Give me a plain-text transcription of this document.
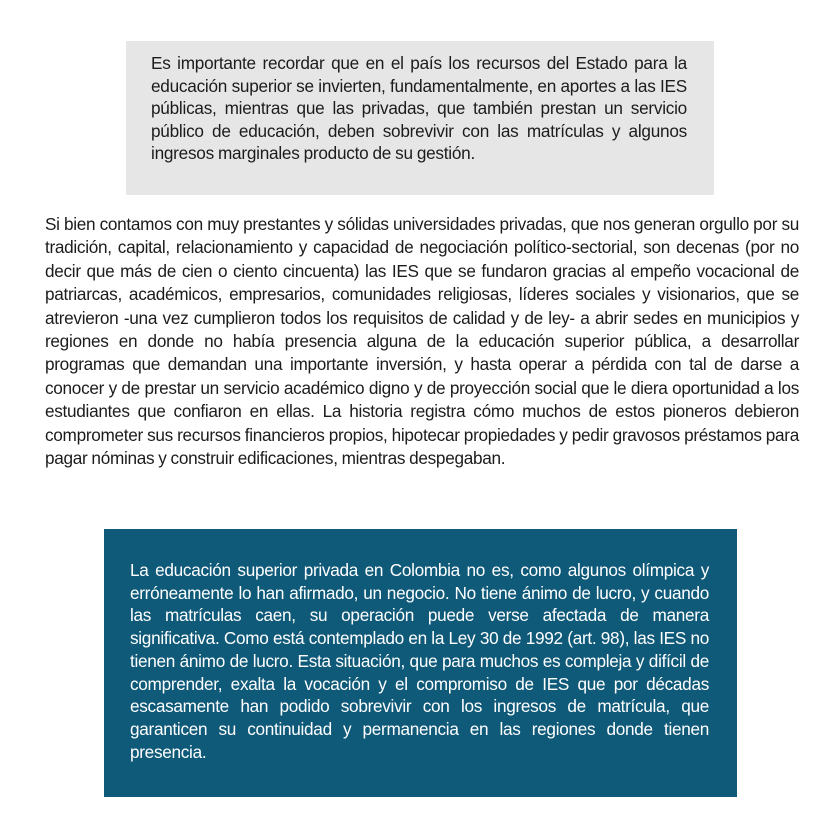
Es importante recordar que en el país los recursos del Estado para la educación superior se invierten, fundamentalmente, en aportes a las IES públicas, mientras que las privadas, que también prestan un servicio público de educación, deben sobrevivir con las matrículas y algunos ingresos marginales producto de su gestión.

Si bien contamos con muy prestantes y sólidas universidades privadas, que nos generan orgullo por su tradición, capital, relacionamiento y capacidad de negociación político-sectorial, son decenas (por no decir que más de cien o ciento cincuenta) las IES que se fundaron gracias al empeño vocacional de patriarcas, académicos, empresarios, comunidades religiosas, líderes sociales y visionarios, que se atrevieron -una vez cumplieron todos los requisitos de calidad y de ley- a abrir sedes en municipios y regiones en donde no había presencia alguna de la educación superior pública, a desarrollar programas que demandan una importante inversión, y hasta operar a pérdida con tal de darse a conocer y de prestar un servicio académico digno y de proyección social que le diera oportunidad a los estudiantes que confiaron en ellas. La historia registra cómo muchos de estos pioneros debieron comprometer sus recursos financieros propios, hipotecar propiedades y pedir gravosos préstamos para pagar nóminas y construir edificaciones, mientras despegaban.

La educación superior privada en Colombia no es, como algunos olímpica y erróneamente lo han afirmado, un negocio. No tiene ánimo de lucro, y cuando las matrículas caen, su operación puede verse afectada de manera significativa. Como está contemplado en la Ley 30 de 1992 (art. 98), las IES no tienen ánimo de lucro. Esta situación, que para muchos es compleja y difícil de comprender, exalta la vocación y el compromiso de IES que por décadas escasamente han podido sobrevivir con los ingresos de matrícula, que garanticen su continuidad y permanencia en las regiones donde tienen presencia.
